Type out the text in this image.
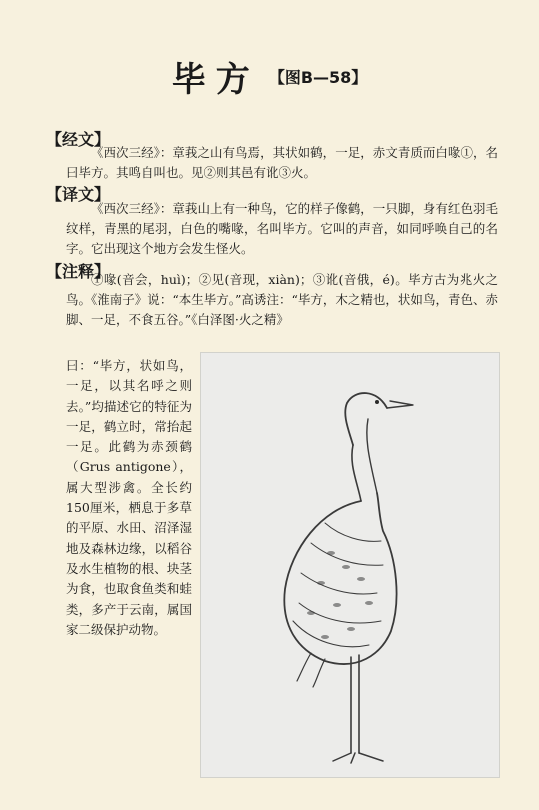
毕方 【图B—58】
【经文】
《西次三经》：章莪之山有鸟焉，其状如鹤，一足，赤文青质而白喙①，名曰毕方。其鸣自叫也。见②则其邑有讹③火。
【译文】
《西次三经》：章莪山上有一种鸟，它的样子像鹤，一只脚，身有红色羽毛纹样，青黑的尾羽，白色的嘴喙，名叫毕方。它叫的声音，如同呼唤自己的名字。它出现这个地方会发生怪火。
【注释】
①喙(音会，huì)；②见(音现，xiàn)；③讹(音俄，é)。毕方古为兆火之鸟。《淮南子》说：“本生毕方。”高诱注：“毕方，木之精也，状如鸟，青色、赤脚、一足，不食五谷。”《白泽图·火之精》
曰：“毕方，状如鸟，一足，以其名呼之则去。”均描述它的特征为一足，鹤立时，常抬起一足。此鹤为赤颈鹤（Grus antigone），属大型涉禽。全长约150厘米，栖息于多草的平原、水田、沼泽湿地及森林边缘，以稻谷及水生植物的根、块茎为食，也取食鱼类和蛙类，多产于云南，属国家二级保护动物。
